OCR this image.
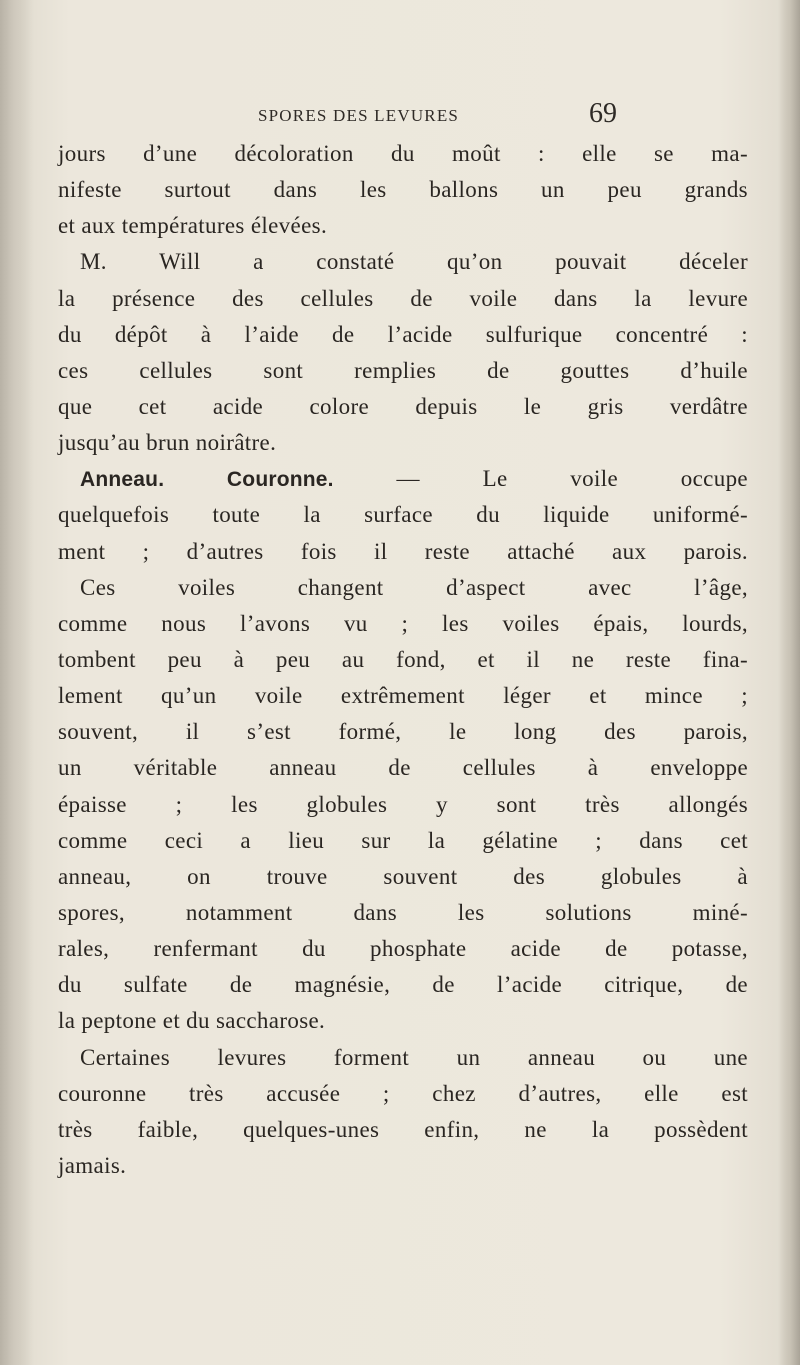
SPORES DES LEVURES	69
jours d’une décoloration du moût : elle se ma-
nifeste surtout dans les ballons un peu grands
et aux températures élevées.
M. Will a constaté qu’on pouvait déceler
la présence des cellules de voile dans la levure
du dépôt à l’aide de l’acide sulfurique concentré :
ces cellules sont remplies de gouttes d’huile
que cet acide colore depuis le gris verdâtre
jusqu’au brun noirâtre.
Anneau. Couronne.	— Le voile occupe
quelquefois toute la surface du liquide uniformé-
ment ; d’autres fois il reste attaché aux parois.
Ces voiles changent d’aspect avec l’âge,
comme nous l’avons vu ; les voiles épais, lourds,
tombent peu à peu au fond, et il ne reste fina-
lement qu’un voile extrêmement léger et mince ;
souvent, il s’est formé, le long des parois,
un véritable anneau de cellules à enveloppe
épaisse ; les globules y sont très allongés
comme ceci a lieu sur la gélatine ; dans cet
anneau, on trouve souvent des globules à
spores, notamment dans les solutions miné-
rales, renfermant du phosphate acide de potasse,
du sulfate de magnésie, de l’acide citrique, de
la peptone et du saccharose.
Certaines levures forment un anneau ou une
couronne très accusée ; chez d’autres, elle est
très faible, quelques-unes enfin, ne la possèdent
jamais.
